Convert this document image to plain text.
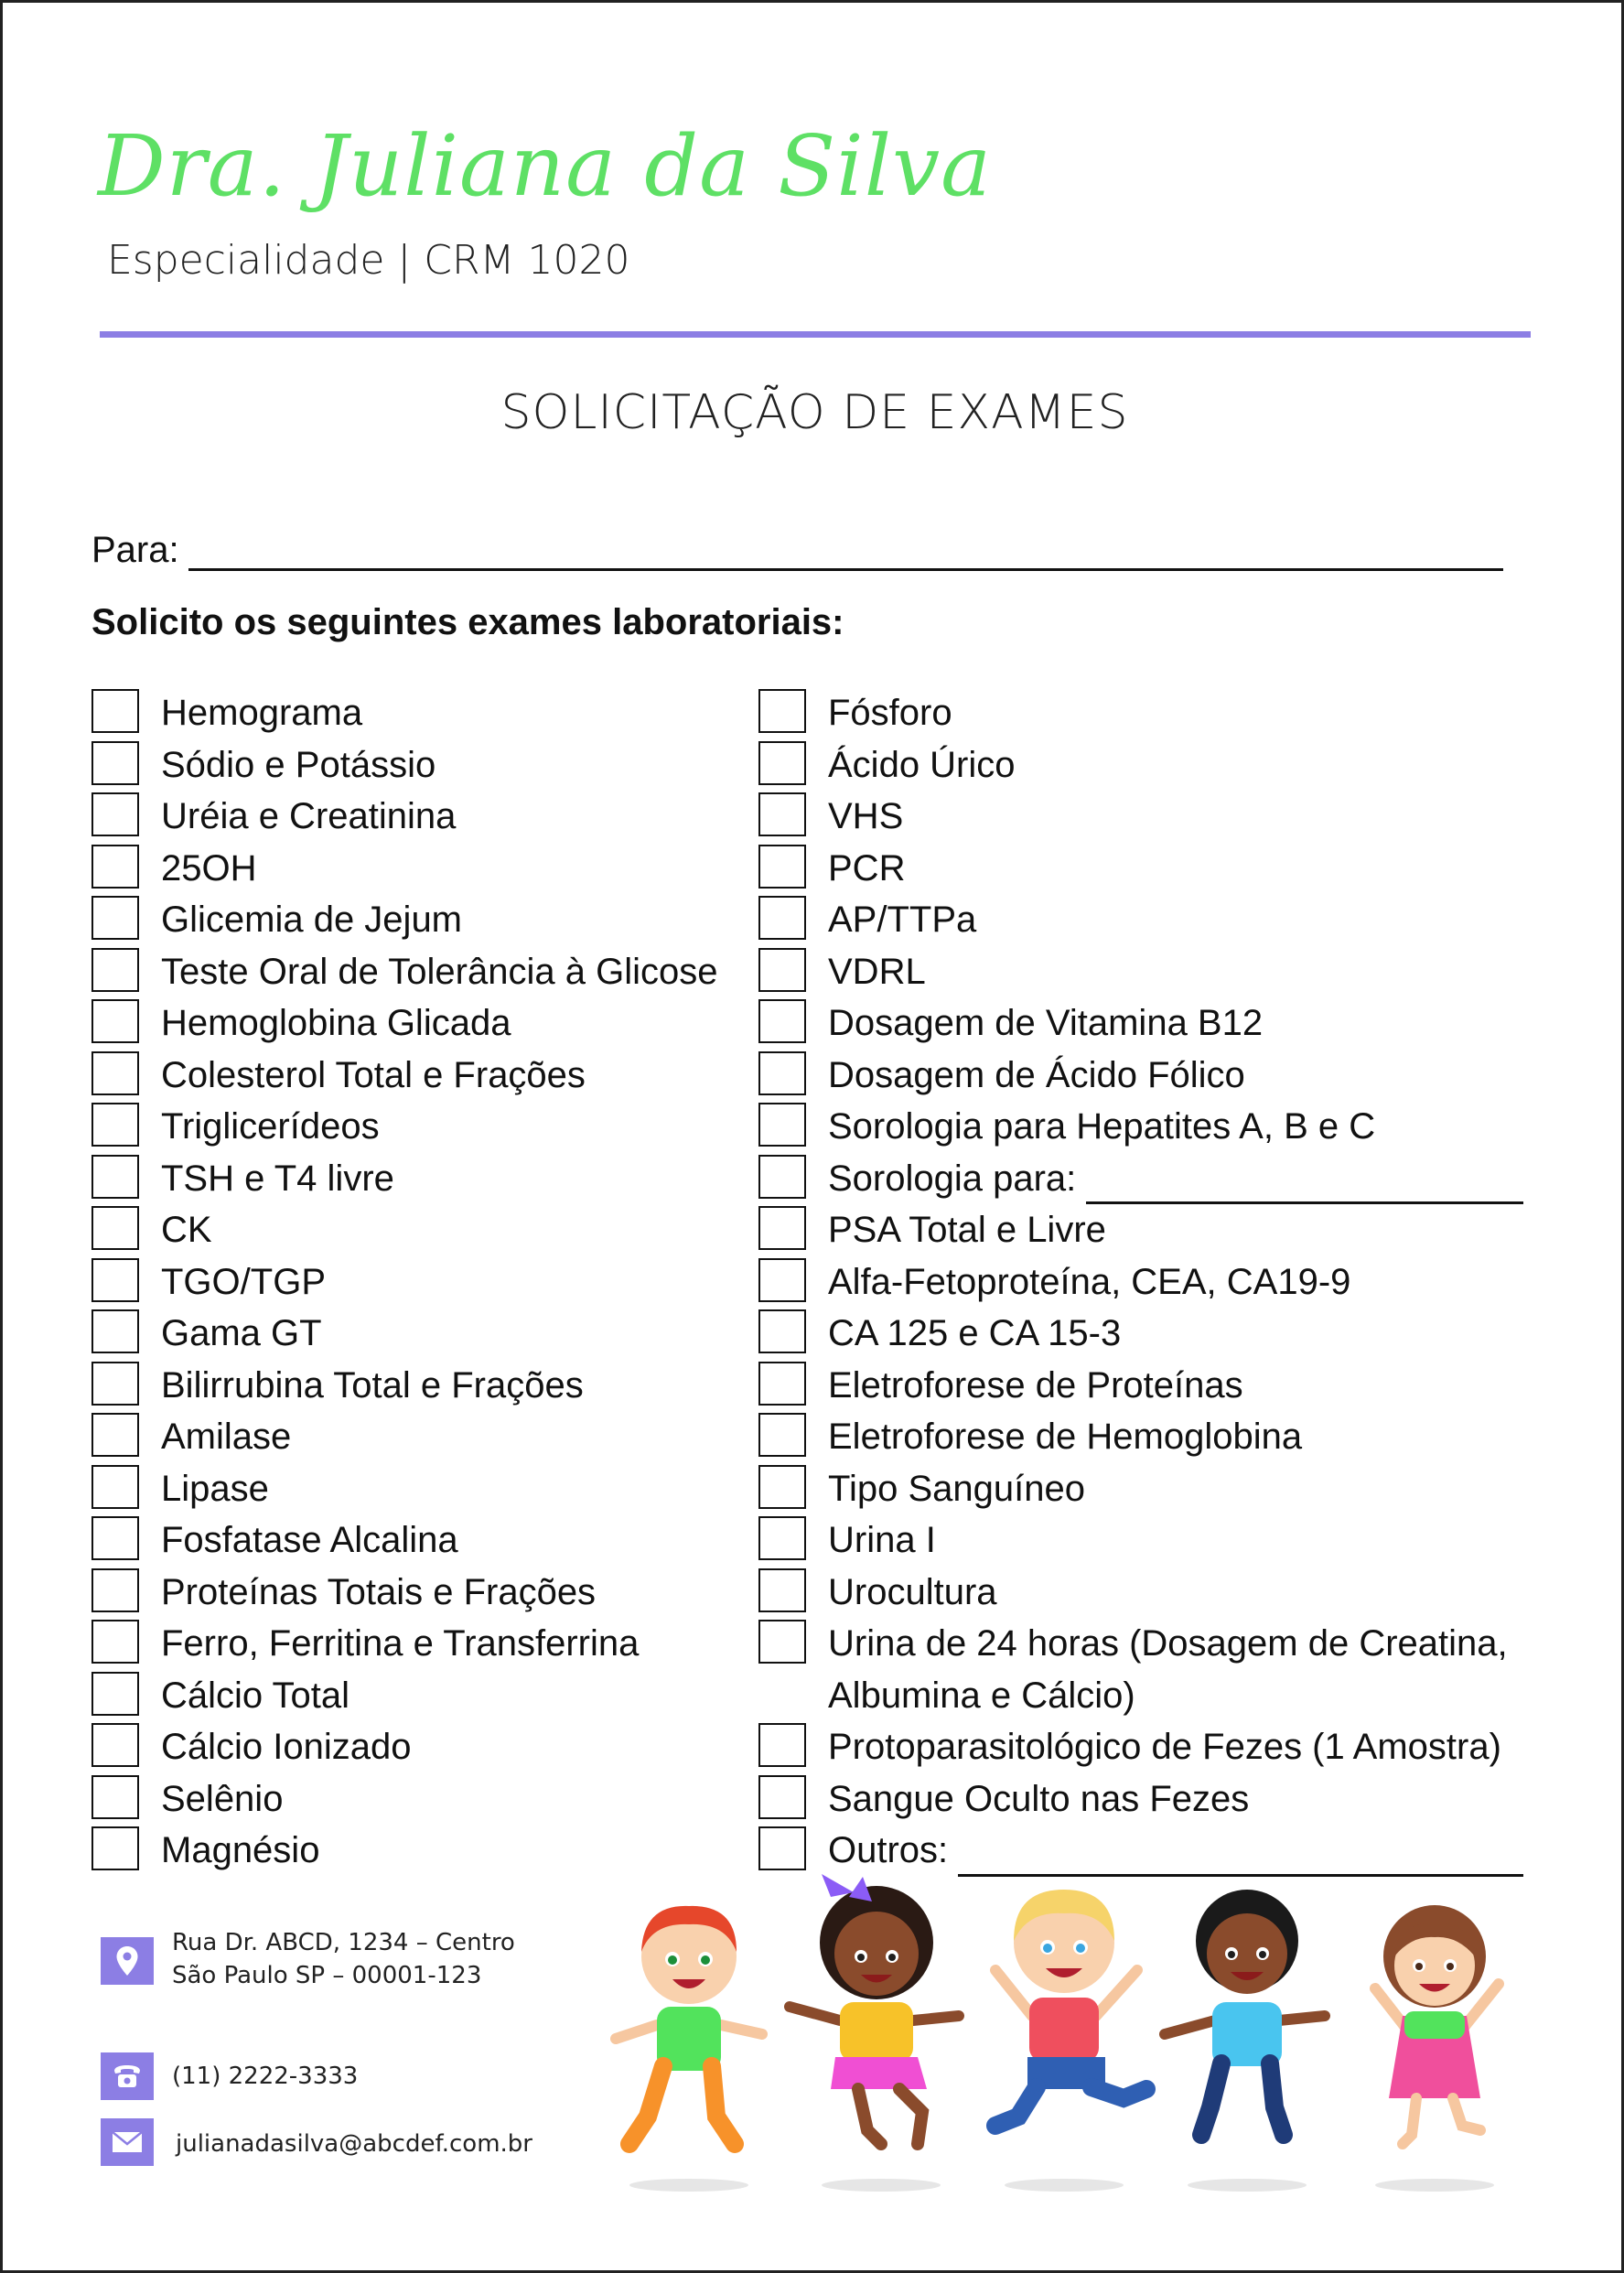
Dra. Juliana da Silva
Especialidade | CRM 1020
SOLICITAÇÃO DE EXAMES
Para:
Solicito os seguintes exames laboratoriais:
Hemograma
Sódio e Potássio
Uréia e Creatinina
25OH
Glicemia de Jejum
Teste Oral de Tolerância à Glicose
Hemoglobina Glicada
Colesterol Total e Frações
Triglicerídeos
TSH e T4 livre
CK
TGO/TGP
Gama GT
Bilirrubina Total e Frações
Amilase
Lipase
Fosfatase Alcalina
Proteínas Totais e Frações
Ferro, Ferritina e Transferrina
Cálcio Total
Cálcio Ionizado
Selênio
Magnésio
Fósforo
Ácido Úrico
VHS
PCR
AP/TTPa
VDRL
Dosagem de Vitamina B12
Dosagem de Ácido Fólico
Sorologia para Hepatites A, B e C
Sorologia para:
PSA Total e Livre
Alfa-Fetoproteína, CEA, CA19-9
CA 125 e CA 15-3
Eletroforese de Proteínas
Eletroforese de Hemoglobina
Tipo Sanguíneo
Urina I
Urocultura
Urina de 24 horas (Dosagem de Creatina,
Albumina e Cálcio)
Protoparasitológico de Fezes (1 Amostra)
Sangue Oculto nas Fezes
Outros:
Rua Dr. ABCD, 1234 – Centro
São Paulo SP – 00001-123
(11) 2222-3333
julianadasilva@abcdef.com.br
